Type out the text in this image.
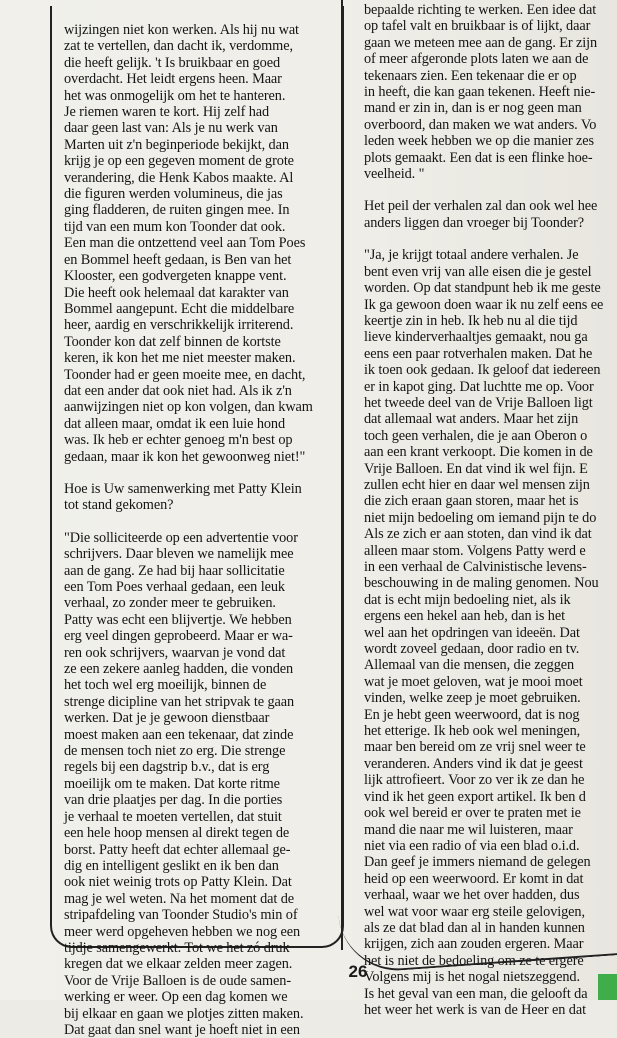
wijzingen niet kon werken. Als hij nu wat

zat te vertellen, dan dacht ik, verdomme,

die heeft gelijk. 't Is bruikbaar en goed

overdacht. Het leidt ergens heen. Maar

het was onmogelijk om het te hanteren.

Je riemen waren te kort. Hij zelf had

daar geen last van: Als je nu werk van

Marten uit z'n beginperiode bekijkt, dan

krijg je op een gegeven moment de grote

verandering, die Henk Kabos maakte. Al

die figuren werden volumineus, die jas

ging fladderen, de ruiten gingen mee. In

tijd van een mum kon Toonder dat ook.

Een man die ontzettend veel aan Tom Poes

en Bommel heeft gedaan, is Ben van het

Klooster, een godvergeten knappe vent.

Die heeft ook helemaal dat karakter van

Bommel aangepunt. Echt die middelbare

heer, aardig en verschrikkelijk irriterend.

Toonder kon dat zelf binnen de kortste

keren, ik kon het me niet meester maken.

Toonder had er geen moeite mee, en dacht,

dat een ander dat ook niet had. Als ik z'n

aanwijzingen niet op kon volgen, dan kwam

dat alleen maar, omdat ik een luie hond

was. Ik heb er echter genoeg m'n best op

gedaan, maar ik kon het gewoonweg niet!"

Hoe is Uw samenwerking met Patty Klein

tot stand gekomen?

"Die solliciteerde op een advertentie voor

schrijvers. Daar bleven we namelijk mee

aan de gang. Ze had bij haar sollicitatie

een Tom Poes verhaal gedaan, een leuk

verhaal, zo zonder meer te gebruiken.

Patty was echt een blijvertje. We hebben

erg veel dingen geprobeerd. Maar er wa-

ren ook schrijvers, waarvan je vond dat

ze een zekere aanleg hadden, die vonden

het toch wel erg moeilijk, binnen de

strenge dicipline van het stripvak te gaan

werken. Dat je je gewoon dienstbaar

moest maken aan een tekenaar, dat zinde

de mensen toch niet zo erg. Die strenge

regels bij een dagstrip b.v., dat is erg

moeilijk om te maken. Dat korte ritme

van drie plaatjes per dag. In die porties

je verhaal te moeten vertellen, dat stuit

een hele hoop mensen al direkt tegen de

borst. Patty heeft dat echter allemaal ge-

dig en intelligent geslikt en ik ben dan

ook niet weinig trots op Patty Klein. Dat

mag je wel weten. Na het moment dat de

stripafdeling van Toonder Studio's min of

meer werd opgeheven hebben we nog een

tijdje samengewerkt. Tot we het zó druk

kregen dat we elkaar zelden meer zagen.

Voor de Vrije Balloen is de oude samen-

werking er weer. Op een dag komen we

bij elkaar en gaan we plotjes zitten maken.

Dat gaat dan snel want je hoeft niet in een

bepaalde richting te werken. Een idee dat

op tafel valt en bruikbaar is of lijkt, daar

gaan we meteen mee aan de gang. Er zijn

of meer afgeronde plots laten we aan de

tekenaars zien. Een tekenaar die er op

in heeft, die kan gaan tekenen. Heeft nie-

mand er zin in, dan is er nog geen man

overboord, dan maken we wat anders. Vo

leden week hebben we op die manier zes

plots gemaakt. Een dat is een flinke hoe-

veelheid. "

Het peil der verhalen zal dan ook wel hee

anders liggen dan vroeger bij Toonder?

"Ja, je krijgt totaal andere verhalen. Je

bent even vrij van alle eisen die je gestel

worden. Op dat standpunt heb ik me geste

Ik ga gewoon doen waar ik nu zelf eens ee

keertje zin in heb. Ik heb nu al die tijd

lieve kinderverhaaltjes gemaakt, nou ga

eens een paar rotverhalen maken. Dat he

ik toen ook gedaan. Ik geloof dat iedereen

er in kapot ging. Dat luchtte me op. Voor

het tweede deel van de Vrije Balloen ligt

dat allemaal wat anders. Maar het zijn

toch geen verhalen, die je aan Oberon o

aan een krant verkoopt. Die komen in de

Vrije Balloen. En dat vind ik wel fijn. E

zullen echt hier en daar wel mensen zijn

die zich eraan gaan storen, maar het is

niet mijn bedoeling om iemand pijn te do

Als ze zich er aan stoten, dan vind ik dat

alleen maar stom. Volgens Patty werd e

in een verhaal de Calvinistische levens-

beschouwing in de maling genomen. Nou

dat is echt mijn bedoeling niet, als ik

ergens een hekel aan heb, dan is het

wel aan het opdringen van ideeën. Dat

wordt zoveel gedaan, door radio en tv.

Allemaal van die mensen, die zeggen

wat je moet geloven, wat je mooi moet

vinden, welke zeep je moet gebruiken.

En je hebt geen weerwoord, dat is nog

het etterige. Ik heb ook wel meningen,

maar ben bereid om ze vrij snel weer te

veranderen. Anders vind ik dat je geest

lijk attrofieert. Voor zo ver ik ze dan he

vind ik het geen export artikel. Ik ben d

ook wel bereid er over te praten met ie

mand die naar me wil luisteren, maar

niet via een radio of via een blad o.i.d.

Dan geef je immers niemand de gelegen

heid op een weerwoord. Er komt in dat

verhaal, waar we het over hadden, dus

wel wat voor waar erg steile gelovigen,

als ze dat blad dan al in handen kunnen

krijgen, zich aan zouden ergeren. Maar

het is niet de bedoeling om ze te ergere

Volgens mij is het nogal nietszeggend.

Is het geval van een man, die gelooft da

het weer het werk is van de Heer en dat

26
